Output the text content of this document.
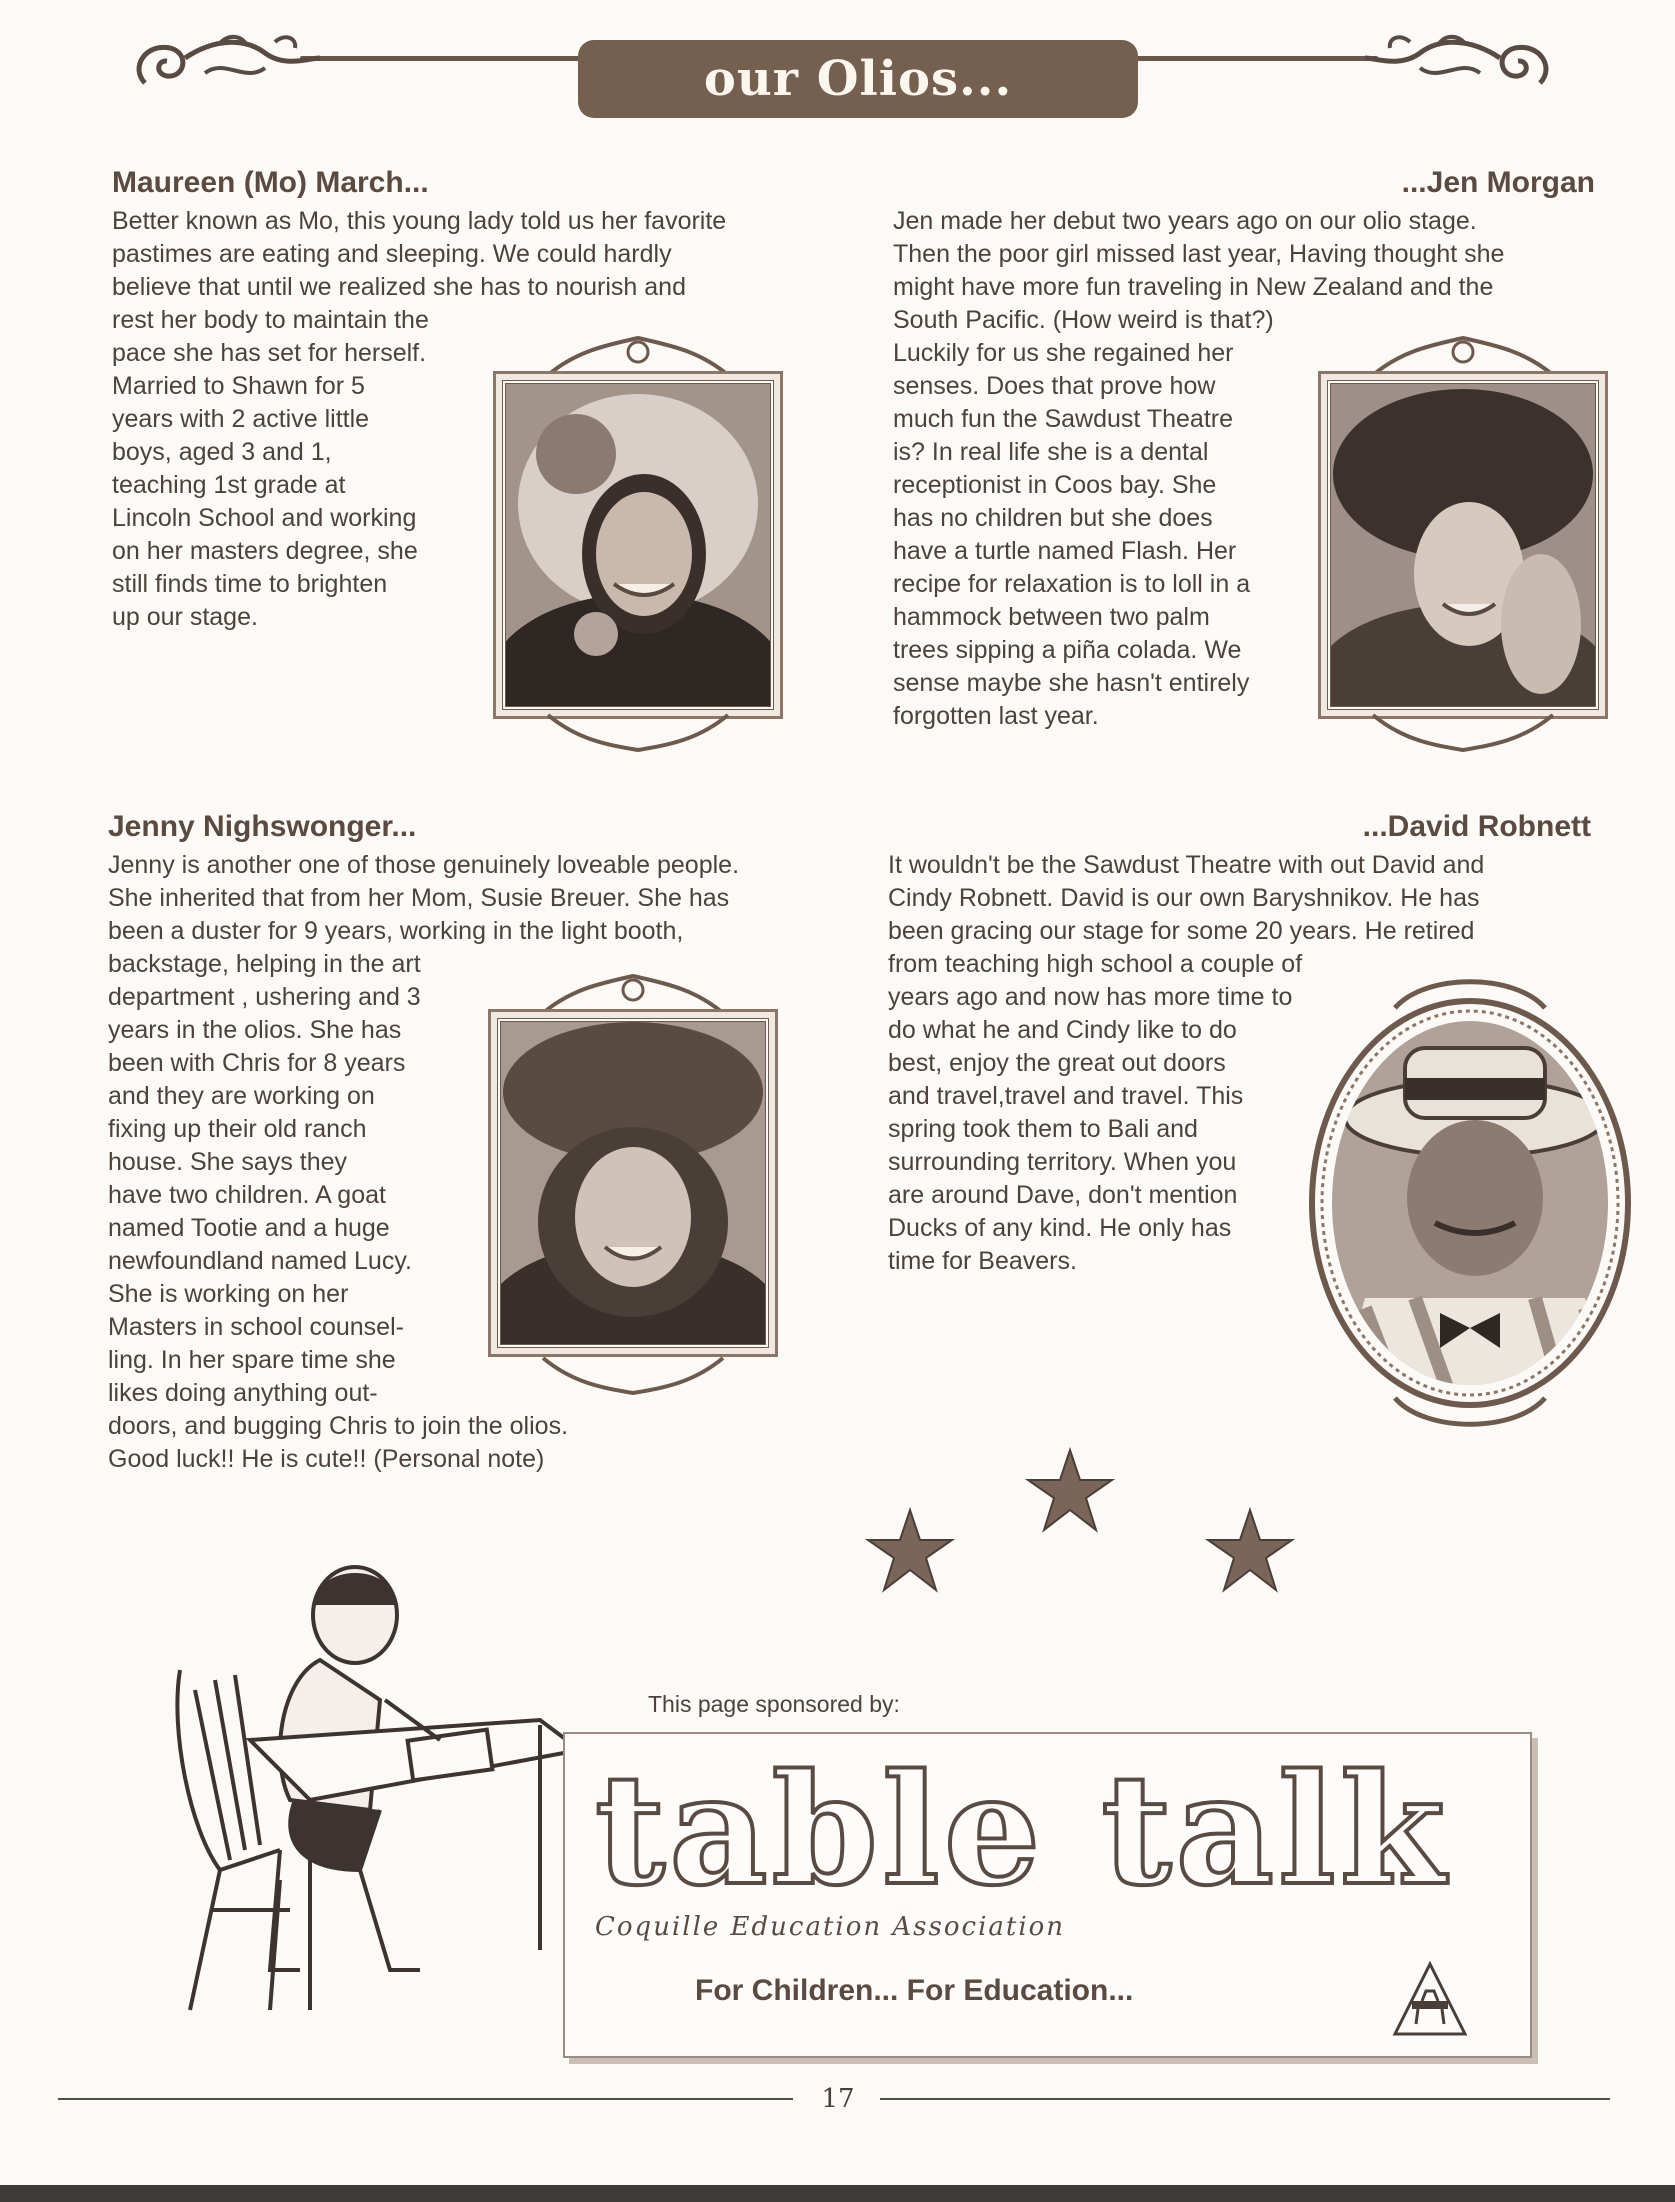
our Olios...
Maureen (Mo) March...
Better known as Mo, this young lady told us her favorite
pastimes are eating and sleeping. We could hardly
believe that until we realized she has to nourish and
rest her body to maintain the
pace she has set for herself.
Married to Shawn for 5
years with 2 active little
boys, aged 3 and 1,
teaching 1st grade at
Lincoln School and working
on her masters degree, she
still finds time to brighten
up our stage.
...Jen Morgan
Jen made her debut two years ago on our olio stage.
Then the poor girl missed last year, Having thought she
might have more fun traveling in New Zealand and the
South Pacific. (How weird is that?)
Luckily for us she regained her
senses. Does that prove how
much fun the Sawdust Theatre
is? In real life she is a dental
receptionist in Coos bay. She
has no children but she does
have a turtle named Flash. Her
recipe for relaxation is to loll in a
hammock between two palm
trees sipping a piña colada. We
sense maybe she hasn't entirely
forgotten last year.
Jenny Nighswonger...
Jenny is another one of those genuinely loveable people.
She inherited that from her Mom, Susie Breuer. She has
been a duster for 9 years, working in the light booth,
backstage, helping in the art
department , ushering and 3
years in the olios. She has
been with Chris for 8 years
and they are working on
fixing up their old ranch
house. She says they
have two children. A goat
named Tootie and a huge
newfoundland named Lucy.
She is working on her
Masters in school counsel-
ling. In her spare time she
likes doing anything out-
doors, and bugging Chris to join the olios.
Good luck!! He is cute!! (Personal note)
...David Robnett
It wouldn't be the Sawdust Theatre with out David and
Cindy Robnett. David is our own Baryshnikov. He has
been gracing our stage for some 20 years. He retired
from teaching high school a couple of
years ago and now has more time to
do what he and Cindy like to do
best, enjoy the great out doors
and travel,travel and travel. This
spring took them to Bali and
surrounding territory. When you
are around Dave, don't mention
Ducks of any kind. He only has
time for Beavers.
This page sponsored by:
table talk
Coquille Education Association
For Children... For Education...
17
